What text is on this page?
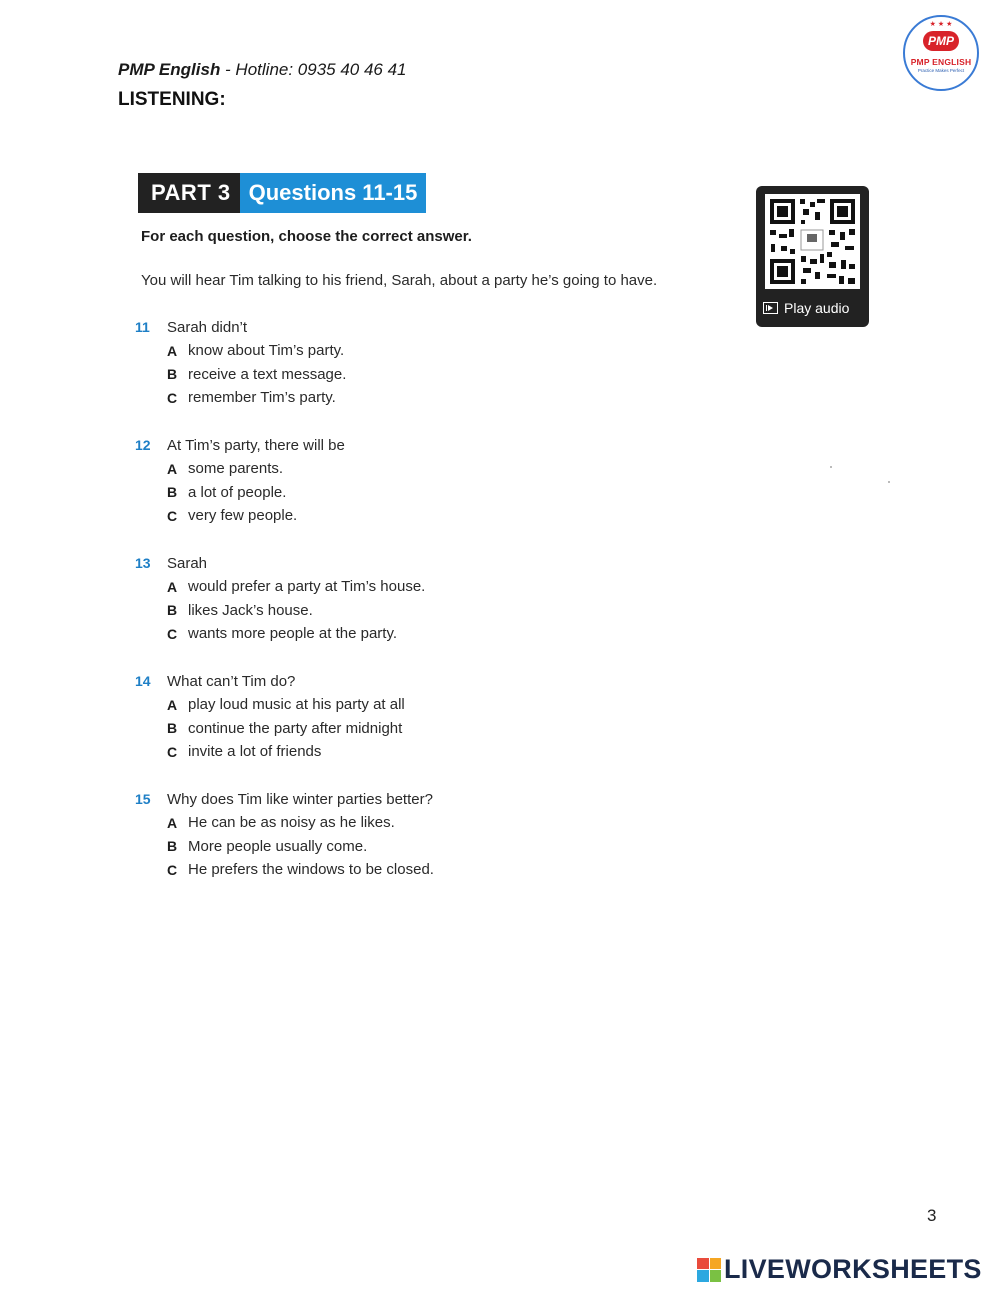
PMP English - Hotline: 0935 40 46 41
LISTENING:
★ ★ ★
PMP
PMP ENGLISH
Practice Makes Perfect
PART 3 Questions 11-15
For each question, choose the correct answer.
You will hear Tim talking to his friend, Sarah, about a party he’s going to have.
Play audio
11	Sarah didn’t
A know about Tim’s party.
B receive a text message.
C remember Tim’s party.
12	At Tim’s party, there will be
A some parents.
B a lot of people.
C very few people.
13	Sarah
A would prefer a party at Tim’s house.
B likes Jack’s house.
C wants more people at the party.
14	What can’t Tim do?
A play loud music at his party at all
B continue the party after midnight
C invite a lot of friends
15	Why does Tim like winter parties better?
A He can be as noisy as he likes.
B More people usually come.
C He prefers the windows to be closed.
3
LIVEWORKSHEETS
